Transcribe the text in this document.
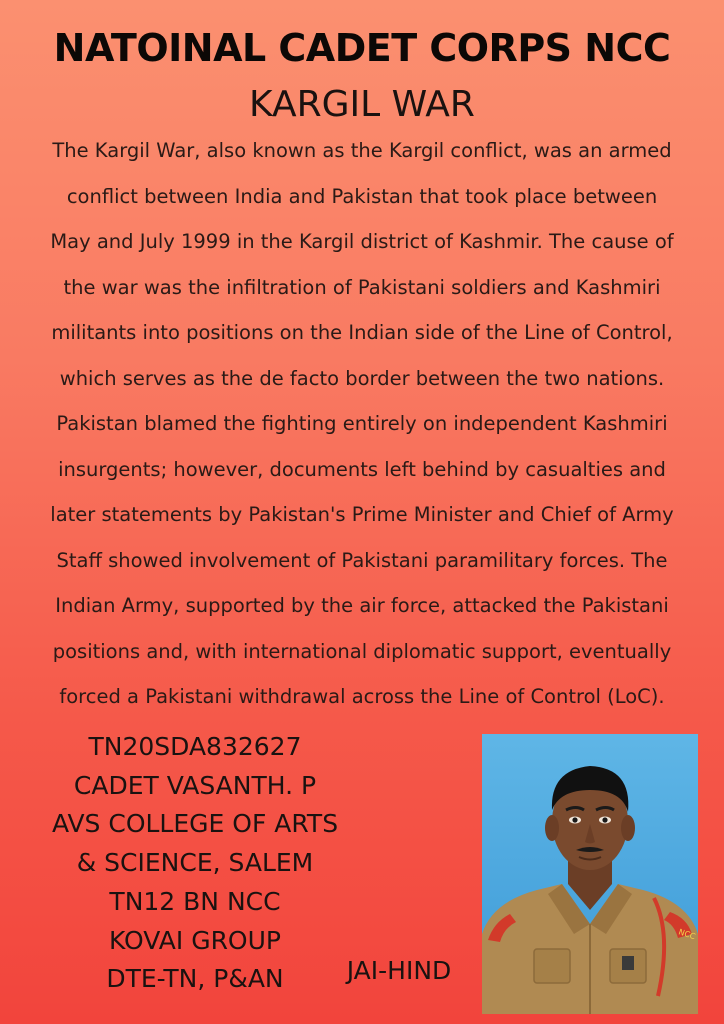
NATOINAL CADET CORPS NCC
KARGIL WAR
The Kargil War, also known as the Kargil conflict, was an armed
conflict between India and Pakistan that took place between
May and July 1999 in the Kargil district of Kashmir. The cause of
the war was the infiltration of Pakistani soldiers and Kashmiri
militants into positions on the Indian side of the Line of Control,
which serves as the de facto border between the two nations.
Pakistan blamed the fighting entirely on independent Kashmiri
insurgents; however, documents left behind by casualties and
later statements by Pakistan's Prime Minister and Chief of Army
Staff showed involvement of Pakistani paramilitary forces. The
Indian Army, supported by the air force, attacked the Pakistani
positions and, with international diplomatic support, eventually
forced a Pakistani withdrawal across the Line of Control (LoC).
TN20SDA832627
CADET VASANTH. P
AVS COLLEGE OF ARTS
& SCIENCE, SALEM
TN12 BN NCC
KOVAI GROUP
DTE-TN, P&AN	JAI-HIND
NCC
